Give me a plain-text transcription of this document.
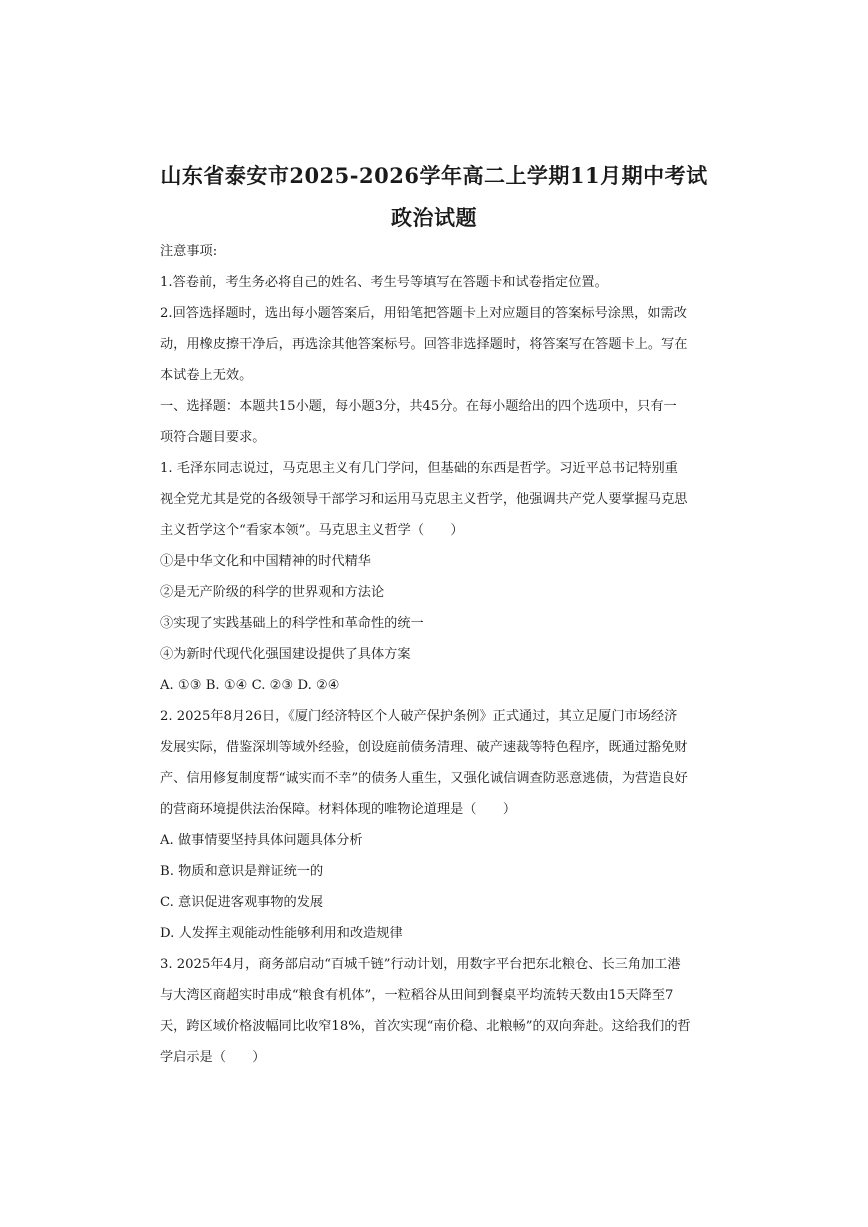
山东省泰安市2025-2026学年高二上学期11月期中考试
政治试题
注意事项:
1.答卷前，考生务必将自己的姓名、考生号等填写在答题卡和试卷指定位置。
2.回答选择题时，选出每小题答案后，用铅笔把答题卡上对应题目的答案标号涂黑，如需改
动，用橡皮擦干净后，再选涂其他答案标号。回答非选择题时，将答案写在答题卡上。写在
本试卷上无效。
一、选择题：本题共15小题，每小题3分，共45分。在每小题给出的四个选项中，只有一
项符合题目要求。
1. 毛泽东同志说过，马克思主义有几门学问，但基础的东西是哲学。习近平总书记特别重
视全党尤其是党的各级领导干部学习和运用马克思主义哲学，他强调共产党人要掌握马克思
主义哲学这个“看家本领”。马克思主义哲学（　　）
①是中华文化和中国精神的时代精华
②是无产阶级的科学的世界观和方法论
③实现了实践基础上的科学性和革命性的统一
④为新时代现代化强国建设提供了具体方案
A. ①③ B. ①④ C. ②③ D. ②④
2. 2025年8月26日，《厦门经济特区个人破产保护条例》正式通过，其立足厦门市场经济
发展实际，借鉴深圳等域外经验，创设庭前债务清理、破产速裁等特色程序，既通过豁免财
产、信用修复制度帮“诚实而不幸”的债务人重生，又强化诚信调查防恶意逃债，为营造良好
的营商环境提供法治保障。材料体现的唯物论道理是（　　）
A. 做事情要坚持具体问题具体分析
B. 物质和意识是辩证统一的
C. 意识促进客观事物的发展
D. 人发挥主观能动性能够利用和改造规律
3. 2025年4月，商务部启动“百城千链”行动计划，用数字平台把东北粮仓、长三角加工港
与大湾区商超实时串成“粮食有机体”，一粒稻谷从田间到餐桌平均流转天数由15天降至7
天，跨区域价格波幅同比收窄18%，首次实现“南价稳、北粮畅”的双向奔赴。这给我们的哲
学启示是（　　）
